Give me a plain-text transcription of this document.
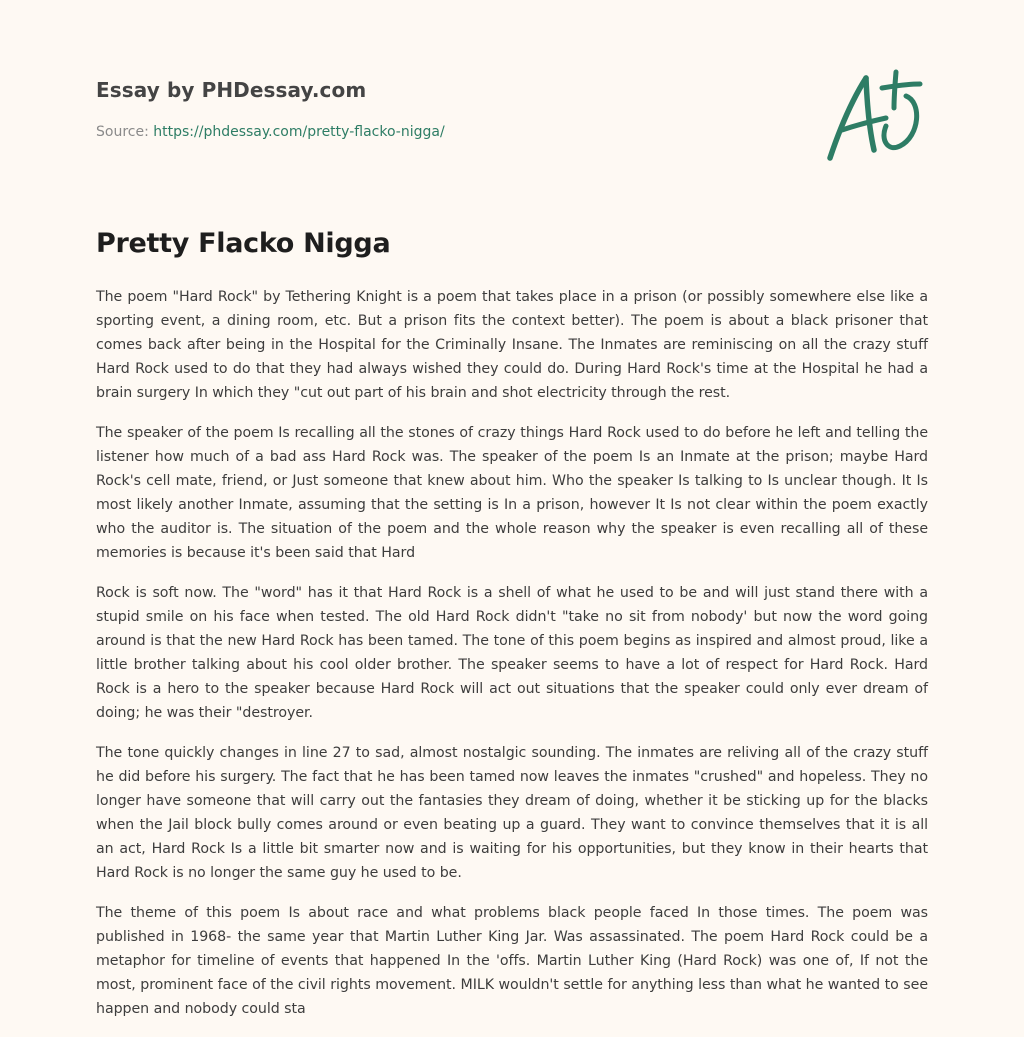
Essay by PHDessay.com
Source: https://phdessay.com/pretty-flacko-nigga/
Pretty Flacko Nigga

The poem "Hard Rock" by Tethering Knight is a poem that takes place in a prison (or possibly somewhere else like a sporting event, a dining room, etc. But a prison fits the context better). The poem is about a black prisoner that comes back after being in the Hospital for the Criminally Insane. The Inmates are reminiscing on all the crazy stuff Hard Rock used to do that they had always wished they could do. During Hard Rock's time at the Hospital he had a brain surgery In which they "cut out part of his brain and shot electricity through the rest.

The speaker of the poem Is recalling all the stones of crazy things Hard Rock used to do before he left and telling the listener how much of a bad ass Hard Rock was. The speaker of the poem Is an Inmate at the prison; maybe Hard Rock's cell mate, friend, or Just someone that knew about him. Who the speaker Is talking to Is unclear though. It Is most likely another Inmate, assuming that the setting is In a prison, however It Is not clear within the poem exactly who the auditor is. The situation of the poem and the whole reason why the speaker is even recalling all of these memories is because it's been said that Hard

Rock is soft now. The "word" has it that Hard Rock is a shell of what he used to be and will just stand there with a stupid smile on his face when tested. The old Hard Rock didn't "take no sit from nobody' but now the word going around is that the new Hard Rock has been tamed. The tone of this poem begins as inspired and almost proud, like a little brother talking about his cool older brother. The speaker seems to have a lot of respect for Hard Rock. Hard Rock is a hero to the speaker because Hard Rock will act out situations that the speaker could only ever dream of doing; he was their "destroyer.

The tone quickly changes in line 27 to sad, almost nostalgic sounding. The inmates are reliving all of the crazy stuff he did before his surgery. The fact that he has been tamed now leaves the inmates "crushed" and hopeless. They no longer have someone that will carry out the fantasies they dream of doing, whether it be sticking up for the blacks when the Jail block bully comes around or even beating up a guard. They want to convince themselves that it is all an act, Hard Rock Is a little bit smarter now and is waiting for his opportunities, but they know in their hearts that Hard Rock is no longer the same guy he used to be.

The theme of this poem Is about race and what problems black people faced In those times. The poem was published in 1968- the same year that Martin Luther King Jar. Was assassinated. The poem Hard Rock could be a metaphor for timeline of events that happened In the 'offs. Martin Luther King (Hard Rock) was one of, If not the most, prominent face of the civil rights movement. MILK wouldn't settle for anything less than what he wanted to see happen and nobody could sta
